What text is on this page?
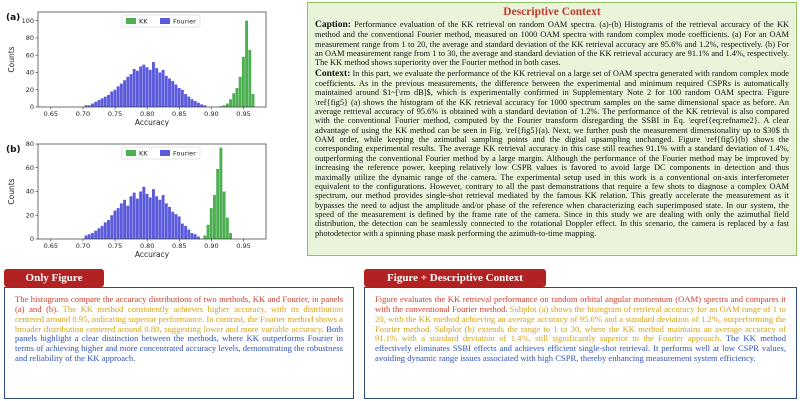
(a)
0.65	0.70	0.75	0.80	0.85	0.90	0.95
0
20
40
60
80
100
Accuracy
Counts
KK	Fourier
(b)
0.65	0.70	0.75	0.80	0.85	0.90	0.95
0
20
40
60
80
Accuracy
Counts
KK	Fourier
Descriptive Context

Caption: Performance evaluation of the KK retrieval on random OAM spectra. (a)-(b) Histograms of the retrieval accuracy of the KK method and the conventional Fourier method, measured on 1000 OAM spectra with random complex mode coefficients. (a) For an OAM measurement range from 1 to 20, the average and standard deviation of the KK retrieval accuracy are 95.6% and 1.2%, respectively. (b) For an OAM measurement range from 1 to 30, the average and standard deviation of the KK retrieval accuracy are 91.1% and 1.4%, respectively. The KK method shows superiority over the Fourier method in both cases.

Context: In this part, we evaluate the performance of the KK retrieval on a large set of OAM spectra generated with random complex mode coefficients. As in the previous measurements, the difference between the experimental and minimum required CSPRs is automatically maintained around $1~[\rm dB]$, which is experimentally confirmed in Supplementary Note 2 for 100 random OAM spectra. Figure \ref{fig5} (a) shows the histogram of the KK retrieval accuracy for 1000 spectrum samples on the same dimensional space as before. An average retrieval accuracy of 95.6% is obtained with a standard deviation of 1.2%. The performance of the KK retrieval is also compared with the conventional Fourier method, computed by the Fourier transform disregarding the SSBI in Eq. \eqref{eq:refname2}. A clear advantage of using the KK method can be seen in Fig. \ref{fig5}(a). Next, we further push the measurement dimensionality up to $30$ th OAM order, while keeping the azimuthal sampling points and the digital upsampling unchanged. Figure \ref{fig5}(b) shows the corresponding experimental results. The average KK retrieval accuracy in this case still reaches 91.1% with a standard deviation of 1.4%, outperforming the conventional Fourier method by a large margin. Although the performance of the Fourier method may be improved by increasing the reference power, keeping relatively low CSPR values is favored to avoid large DC components in detection and thus maximally utilize the dynamic range of the camera. The experimental setup used in this work is a conventional on-axis interferometer equivalent to the configurations. However, contrary to all the past demonstrations that require a few shots to diagnose a complex OAM spectrum, our method provides single-shot retrieval mediated by the famous KK relation. This greatly accelerate the measurement as it bypasses the need to adjust the amplitude and/or phase of the reference when characterizing each superimposed state. In our system, the speed of the measurement is defined by the frame rate of the camera. Since in this study we are dealing with only the azimuthal field distribution, the detection can be seamlessly connected to the rotational Doppler effect. In this scenario, the camera is replaced by a fast photodetector with a spinning phase mask performing the azimuth-to-time mapping.

Only Figure
The histograms compare the accuracy distributions of two methods, KK and Fourier, in panels (a) and (b). The KK method consistently achieves higher accuracy, with its distribution centered around 0.95, indicating superior performance. In contrast, the Fourier method shows a broader distribution centered around 0.80, suggesting lower and more variable accuracy. Both panels highlight a clear distinction between the methods, where KK outperforms Fourier in terms of achieving higher and more concentrated accuracy levels, demonstrating the robustness and reliability of the KK approach.
Figure + Descriptive Context
Figure evaluates the KK retrieval performance on random orbital angular momentum (OAM) spectra and compares it with the conventional Fourier method. Subplot (a) shows the histogram of retrieval accuracy for an OAM range of 1 to 20, with the KK method achieving an average accuracy of 95.6% and a standard deviation of 1.2%, outperforming the Fourier method. Subplot (b) extends the range to 1 to 30, where the KK method maintains an average accuracy of 91.1% with a standard deviation of 1.4%, still significantly superior to the Fourier approach. The KK method effectively eliminates SSBI effects and achieves efficient single-shot retrieval. It performs well at low CSPR values, avoiding dynamic range issues associated with high CSPR, thereby enhancing measurement system efficiency.
